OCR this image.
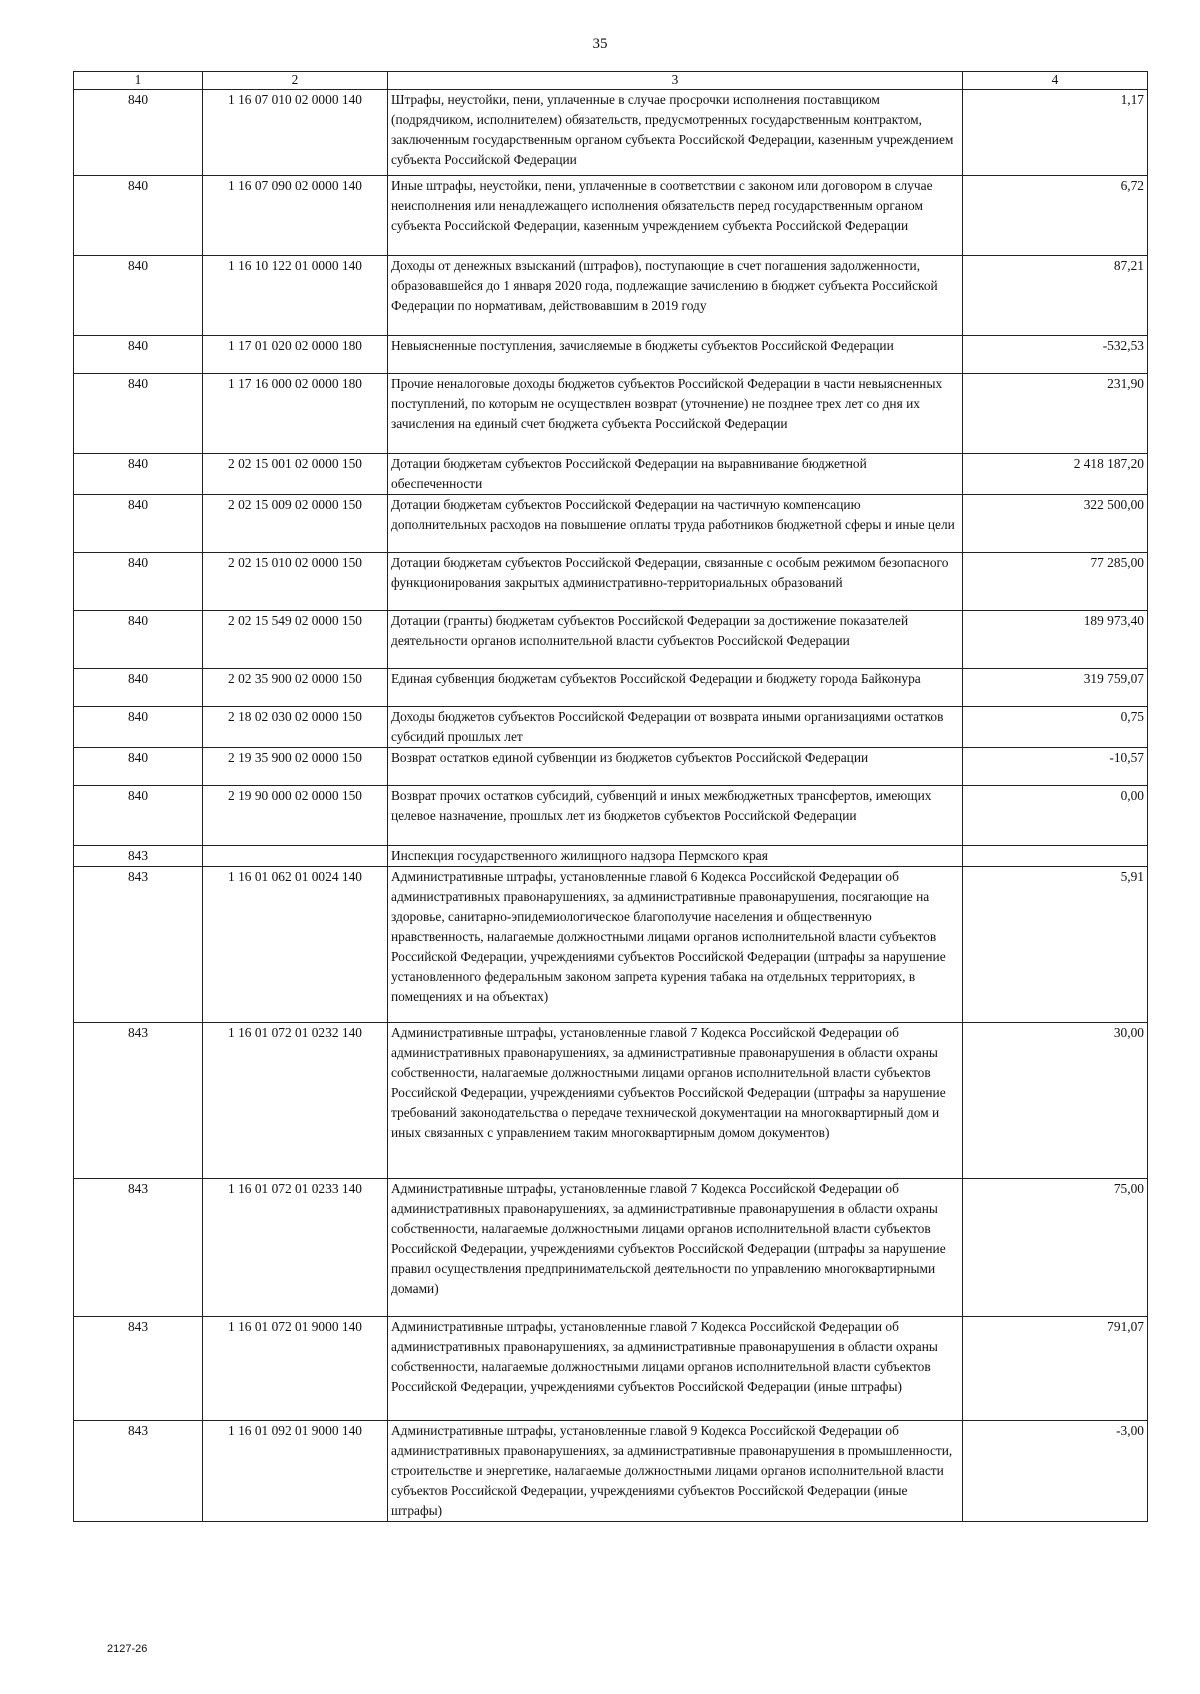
35
1	2	3	4
840	1 16 07 010 02 0000 140	Штрафы, неустойки, пени, уплаченные в случае просрочки исполнения поставщиком (подрядчиком, исполнителем) обязательств, предусмотренных государственным контрактом, заключенным государственным органом субъекта Российской Федерации, казенным учреждением субъекта Российской Федерации	1,17
840	1 16 07 090 02 0000 140	Иные штрафы, неустойки, пени, уплаченные в соответствии с законом или договором в случае неисполнения или ненадлежащего исполнения обязательств перед государственным органом субъекта Российской Федерации, казенным учреждением субъекта Российской Федерации	6,72
840	1 16 10 122 01 0000 140	Доходы от денежных взысканий (штрафов), поступающие в счет погашения задолженности, образовавшейся до 1 января 2020 года, подлежащие зачислению в бюджет субъекта Российской Федерации по нормативам, действовавшим в 2019 году	87,21
840	1 17 01 020 02 0000 180	Невыясненные поступления, зачисляемые в бюджеты субъектов Российской Федерации	-532,53
840	1 17 16 000 02 0000 180	Прочие неналоговые доходы бюджетов субъектов Российской Федерации в части невыясненных поступлений, по которым не осуществлен возврат (уточнение) не позднее трех лет со дня их зачисления на единый счет бюджета субъекта Российской Федерации	231,90
840	2 02 15 001 02 0000 150	Дотации бюджетам субъектов Российской Федерации на выравнивание бюджетной обеспеченности	2 418 187,20
840	2 02 15 009 02 0000 150	Дотации бюджетам субъектов Российской Федерации на частичную компенсацию дополнительных расходов на повышение оплаты труда работников бюджетной сферы и иные цели	322 500,00
840	2 02 15 010 02 0000 150	Дотации бюджетам субъектов Российской Федерации, связанные с особым режимом безопасного функционирования закрытых административно-территориальных образований	77 285,00
840	2 02 15 549 02 0000 150	Дотации (гранты) бюджетам субъектов Российской Федерации за достижение показателей деятельности органов исполнительной власти субъектов Российской Федерации	189 973,40
840	2 02 35 900 02 0000 150	Единая субвенция бюджетам субъектов Российской Федерации и бюджету города Байконура	319 759,07
840	2 18 02 030 02 0000 150	Доходы бюджетов субъектов Российской Федерации от возврата иными организациями остатков субсидий прошлых лет	0,75
840	2 19 35 900 02 0000 150	Возврат остатков единой субвенции из бюджетов субъектов Российской Федерации	-10,57
840	2 19 90 000 02 0000 150	Возврат прочих остатков субсидий, субвенций и иных межбюджетных трансфертов, имеющих целевое назначение, прошлых лет из бюджетов субъектов Российской Федерации	0,00
843		Инспекция государственного жилищного надзора Пермского края	
843	1 16 01 062 01 0024 140	Административные штрафы, установленные главой 6 Кодекса Российской Федерации об административных правонарушениях, за административные правонарушения, посягающие на здоровье, санитарно-эпидемиологическое благополучие населения и общественную нравственность, налагаемые должностными лицами органов исполнительной власти субъектов Российской Федерации, учреждениями субъектов Российской Федерации (штрафы за нарушение установленного федеральным законом запрета курения табака на отдельных территориях, в помещениях и на объектах)	5,91
843	1 16 01 072 01 0232 140	Административные штрафы, установленные главой 7 Кодекса Российской Федерации об административных правонарушениях, за административные правонарушения в области охраны собственности, налагаемые должностными лицами органов исполнительной власти субъектов Российской Федерации, учреждениями субъектов Российской Федерации (штрафы за нарушение требований законодательства о передаче технической документации на многоквартирный дом и иных связанных с управлением таким многоквартирным домом документов)	30,00
843	1 16 01 072 01 0233 140	Административные штрафы, установленные главой 7 Кодекса Российской Федерации об административных правонарушениях, за административные правонарушения в области охраны собственности, налагаемые должностными лицами органов исполнительной власти субъектов Российской Федерации, учреждениями субъектов Российской Федерации (штрафы за нарушение правил осуществления предпринимательской деятельности по управлению многоквартирными домами)	75,00
843	1 16 01 072 01 9000 140	Административные штрафы, установленные главой 7 Кодекса Российской Федерации об административных правонарушениях, за административные правонарушения в области охраны собственности, налагаемые должностными лицами органов исполнительной власти субъектов Российской Федерации, учреждениями субъектов Российской Федерации (иные штрафы)	791,07
843	1 16 01 092 01 9000 140	Административные штрафы, установленные главой 9 Кодекса Российской Федерации об административных правонарушениях, за административные правонарушения в промышленности, строительстве и энергетике, налагаемые должностными лицами органов исполнительной власти субъектов Российской Федерации, учреждениями субъектов Российской Федерации (иные штрафы)	-3,00
2127-26
